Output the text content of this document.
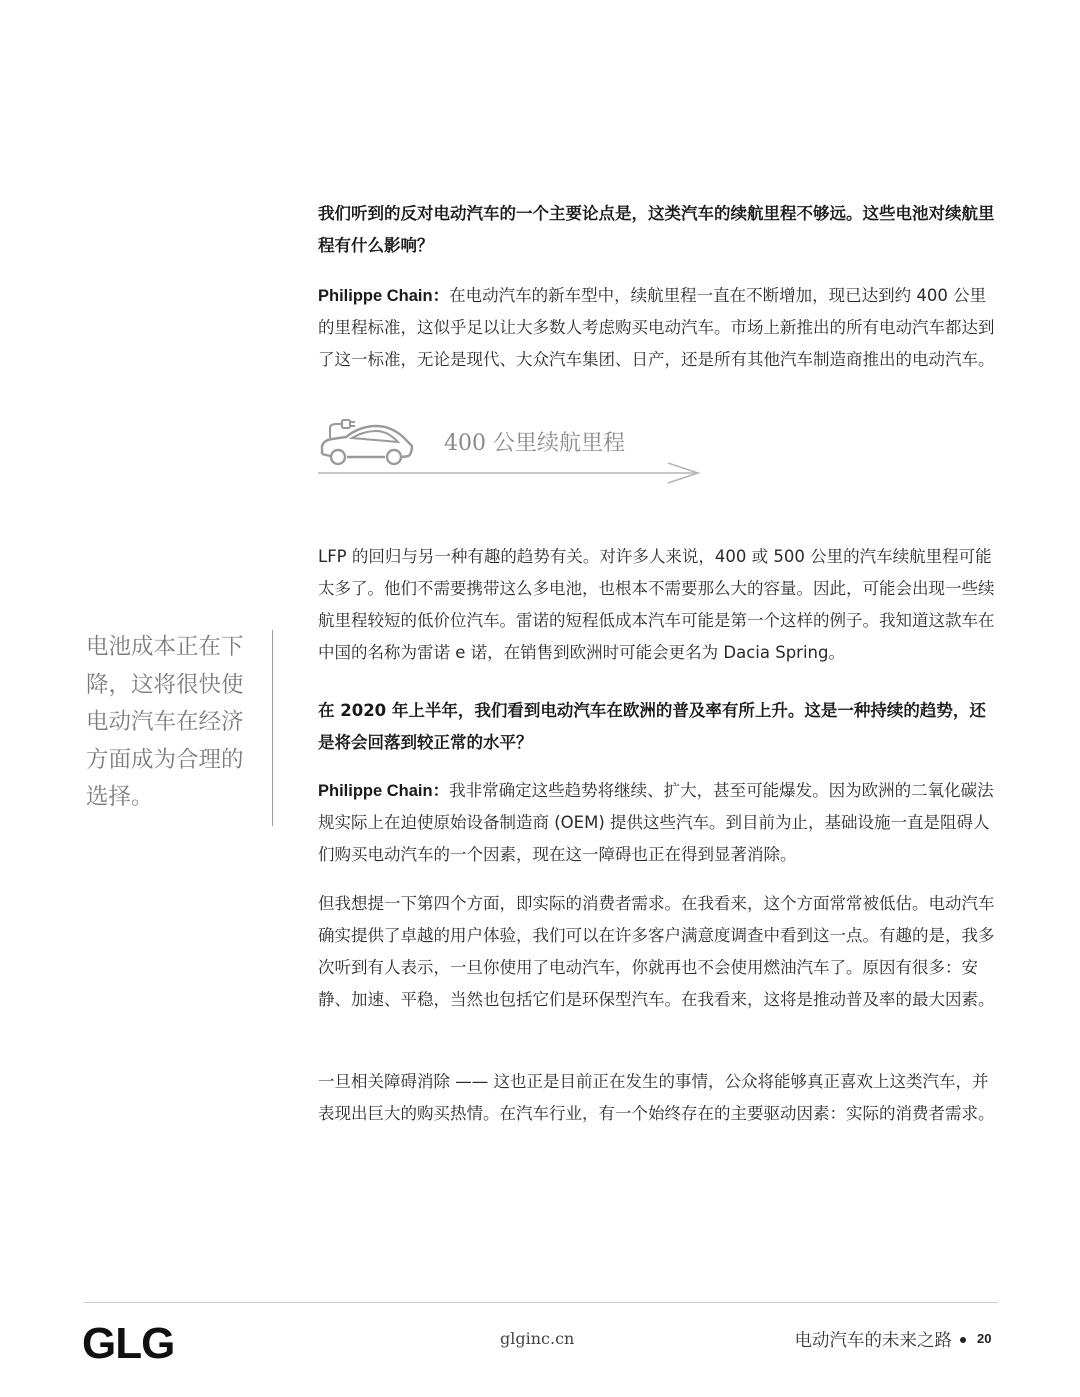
我们听到的反对电动汽车的一个主要论点是，这类汽车的续航里程不够远。这些电池对续航里程有什么影响？

Philippe Chain：在电动汽车的新车型中，续航里程一直在不断增加，现已达到约 400 公里的里程标准，这似乎足以让大多数人考虑购买电动汽车。市场上新推出的所有电动汽车都达到了这一标准，无论是现代、大众汽车集团、日产，还是所有其他汽车制造商推出的电动汽车。

400 公里续航里程

LFP 的回归与另一种有趣的趋势有关。对许多人来说，400 或 500 公里的汽车续航里程可能太多了。他们不需要携带这么多电池，也根本不需要那么大的容量。因此，可能会出现一些续航里程较短的低价位汽车。雷诺的短程低成本汽车可能是第一个这样的例子。我知道这款车在中国的名称为雷诺 e 诺，在销售到欧洲时可能会更名为 Dacia Spring。

电池成本正在下降，这将很快使电动汽车在经济方面成为合理的选择。

在 2020 年上半年，我们看到电动汽车在欧洲的普及率有所上升。这是一种持续的趋势，还是将会回落到较正常的水平？

Philippe Chain：我非常确定这些趋势将继续、扩大，甚至可能爆发。因为欧洲的二氧化碳法规实际上在迫使原始设备制造商 (OEM) 提供这些汽车。到目前为止，基础设施一直是阻碍人们购买电动汽车的一个因素，现在这一障碍也正在得到显著消除。

但我想提一下第四个方面，即实际的消费者需求。在我看来，这个方面常常被低估。电动汽车确实提供了卓越的用户体验，我们可以在许多客户满意度调查中看到这一点。有趣的是，我多次听到有人表示，一旦你使用了电动汽车，你就再也不会使用燃油汽车了。原因有很多：安静、加速、平稳，当然也包括它们是环保型汽车。在我看来，这将是推动普及率的最大因素。

一旦相关障碍消除 —— 这也正是目前正在发生的事情，公众将能够真正喜欢上这类汽车，并表现出巨大的购买热情。在汽车行业，有一个始终存在的主要驱动因素：实际的消费者需求。

GLG	glginc.cn	电动汽车的未来之路 20
